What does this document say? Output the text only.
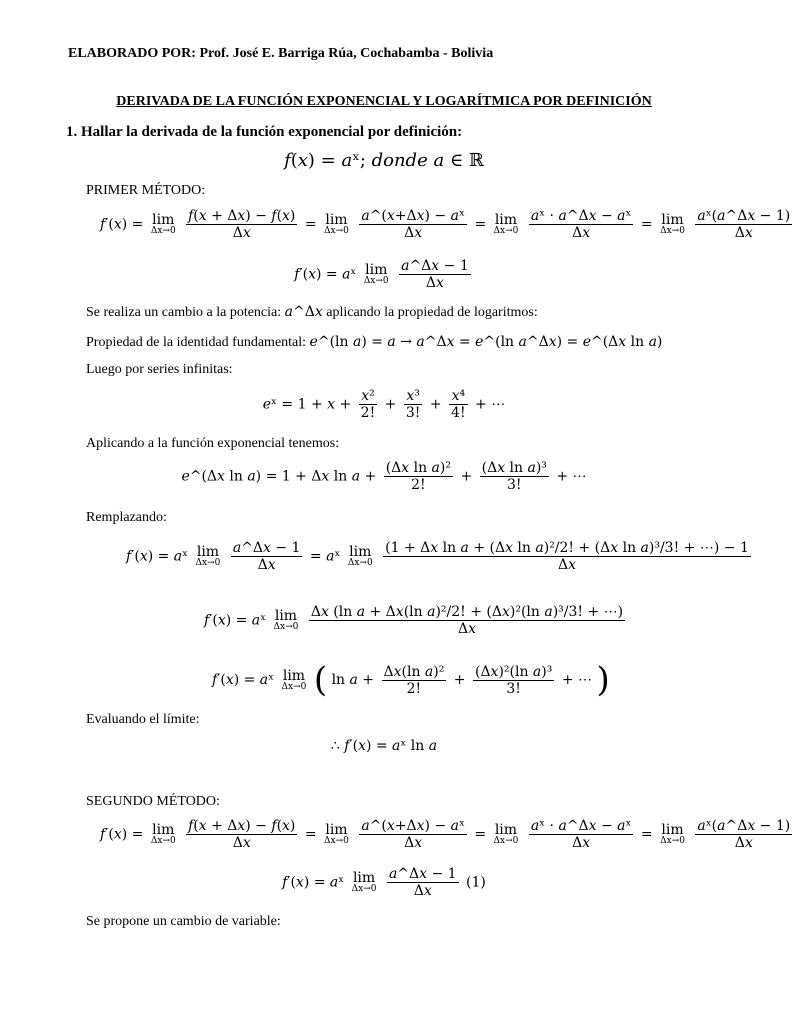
ELABORADO POR: Prof. José E. Barriga Rúa, Cochabamba - Bolivia
DERIVADA DE LA FUNCIÓN EXPONENCIAL Y LOGARÍTMICA POR DEFINICIÓN
1. Hallar la derivada de la función exponencial por definición:
𝑓(𝑥) = 𝑎ˣ; 𝑑𝑜𝑛𝑑𝑒 𝑎 ∈ ℝ
PRIMER MÉTODO:
𝑓′(𝑥) = lim
Δx→0

𝑓(𝑥 + Δ𝑥) − 𝑓(𝑥)
Δ𝑥
= lim
Δx→0

𝑎^(𝑥+Δ𝑥) − 𝑎ˣ
Δ𝑥
= lim
Δx→0

𝑎ˣ · 𝑎^Δ𝑥 − 𝑎ˣ
Δ𝑥
= lim
Δx→0

𝑎ˣ(𝑎^Δ𝑥 − 1)
Δ𝑥
𝑓′(𝑥) = 𝑎ˣ lim
Δx→0

𝑎^Δ𝑥 − 1
Δ𝑥
Se realiza un cambio a la potencia: 𝑎^Δ𝑥 aplicando la propiedad de logaritmos:
Propiedad de la identidad fundamental: 𝑒^(ln 𝑎) = 𝑎 → 𝑎^Δ𝑥 = 𝑒^(ln 𝑎^Δ𝑥) = 𝑒^(Δ𝑥 ln 𝑎)
Luego por series infinitas:
𝑒ˣ = 1 + 𝑥 +
𝑥²
2!
+
𝑥³
3!
+
𝑥⁴
4!
+ ⋯
Aplicando a la función exponencial tenemos:
𝑒^(Δ𝑥 ln 𝑎) = 1 + Δ𝑥 ln 𝑎 +
(Δ𝑥 ln 𝑎)²
2!
+
(Δ𝑥 ln 𝑎)³
3!
+ ⋯
Remplazando:
𝑓′(𝑥) = 𝑎ˣ lim
Δx→0

𝑎^Δ𝑥 − 1
Δ𝑥
= 𝑎ˣ lim
Δx→0

(1 + Δ𝑥 ln 𝑎 + (Δ𝑥 ln 𝑎)²/2! + (Δ𝑥 ln 𝑎)³/3! + ⋯) − 1
Δ𝑥
𝑓′(𝑥) = 𝑎ˣ lim
Δx→0

Δ𝑥 (ln 𝑎 + Δ𝑥(ln 𝑎)²/2! + (Δ𝑥)²(ln 𝑎)³/3! + ⋯)
Δ𝑥
𝑓′(𝑥) = 𝑎ˣ lim
Δx→0 ( ln 𝑎 +
Δ𝑥(ln 𝑎)²
2!
+
(Δ𝑥)²(ln 𝑎)³
3!
+ ⋯ )
Evaluando el límite:
∴ 𝑓′(𝑥) = 𝑎ˣ ln 𝑎
SEGUNDO MÉTODO:
𝑓′(𝑥) = lim
Δx→0

𝑓(𝑥 + Δ𝑥) − 𝑓(𝑥)
Δ𝑥
= lim
Δx→0

𝑎^(𝑥+Δ𝑥) − 𝑎ˣ
Δ𝑥
= lim
Δx→0

𝑎ˣ · 𝑎^Δ𝑥 − 𝑎ˣ
Δ𝑥
= lim
Δx→0

𝑎ˣ(𝑎^Δ𝑥 − 1)
Δ𝑥
𝑓′(𝑥) = 𝑎ˣ lim
Δx→0

𝑎^Δ𝑥 − 1
Δ𝑥
(1)
Se propone un cambio de variable:
